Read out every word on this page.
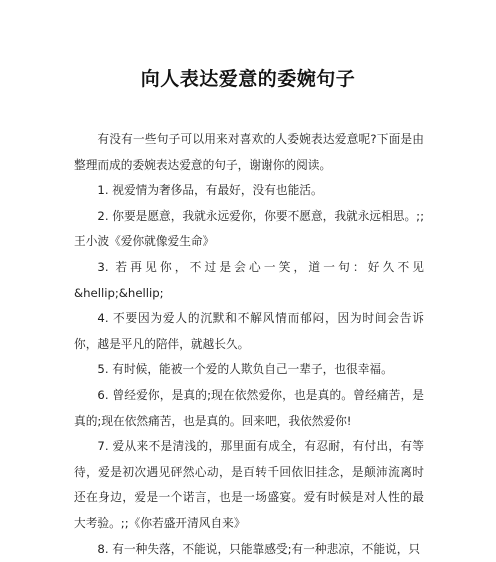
向人表达爱意的委婉句子

有没有一些句子可以用来对喜欢的人委婉表达爱意呢?下面是由整理而成的委婉表达爱意的句子，谢谢你的阅读。

1. 视爱情为奢侈品，有最好，没有也能活。

2. 你要是愿意，我就永远爱你，你要不愿意，我就永远相思。;;王小波《爱你就像爱生命》

3. 若再见你，不过是会心一笑，道一句：好久不见&hellip;&hellip;

4. 不要因为爱人的沉默和不解风情而郁闷，因为时间会告诉你，越是平凡的陪伴，就越长久。

5. 有时候，能被一个爱的人欺负自己一辈子，也很幸福。

6. 曾经爱你，是真的;现在依然爱你，也是真的。曾经痛苦，是真的;现在依然痛苦，也是真的。回来吧，我依然爱你!

7. 爱从来不是清浅的，那里面有成全，有忍耐，有付出，有等待，爱是初次遇见砰然心动，是百转千回依旧挂念，是颠沛流离时还在身边，爱是一个诺言，也是一场盛宴。爱有时候是对人性的最大考验。;;《你若盛开清风自来》

8. 有一种失落，不能说，只能靠感受;有一种悲凉，不能说，只
